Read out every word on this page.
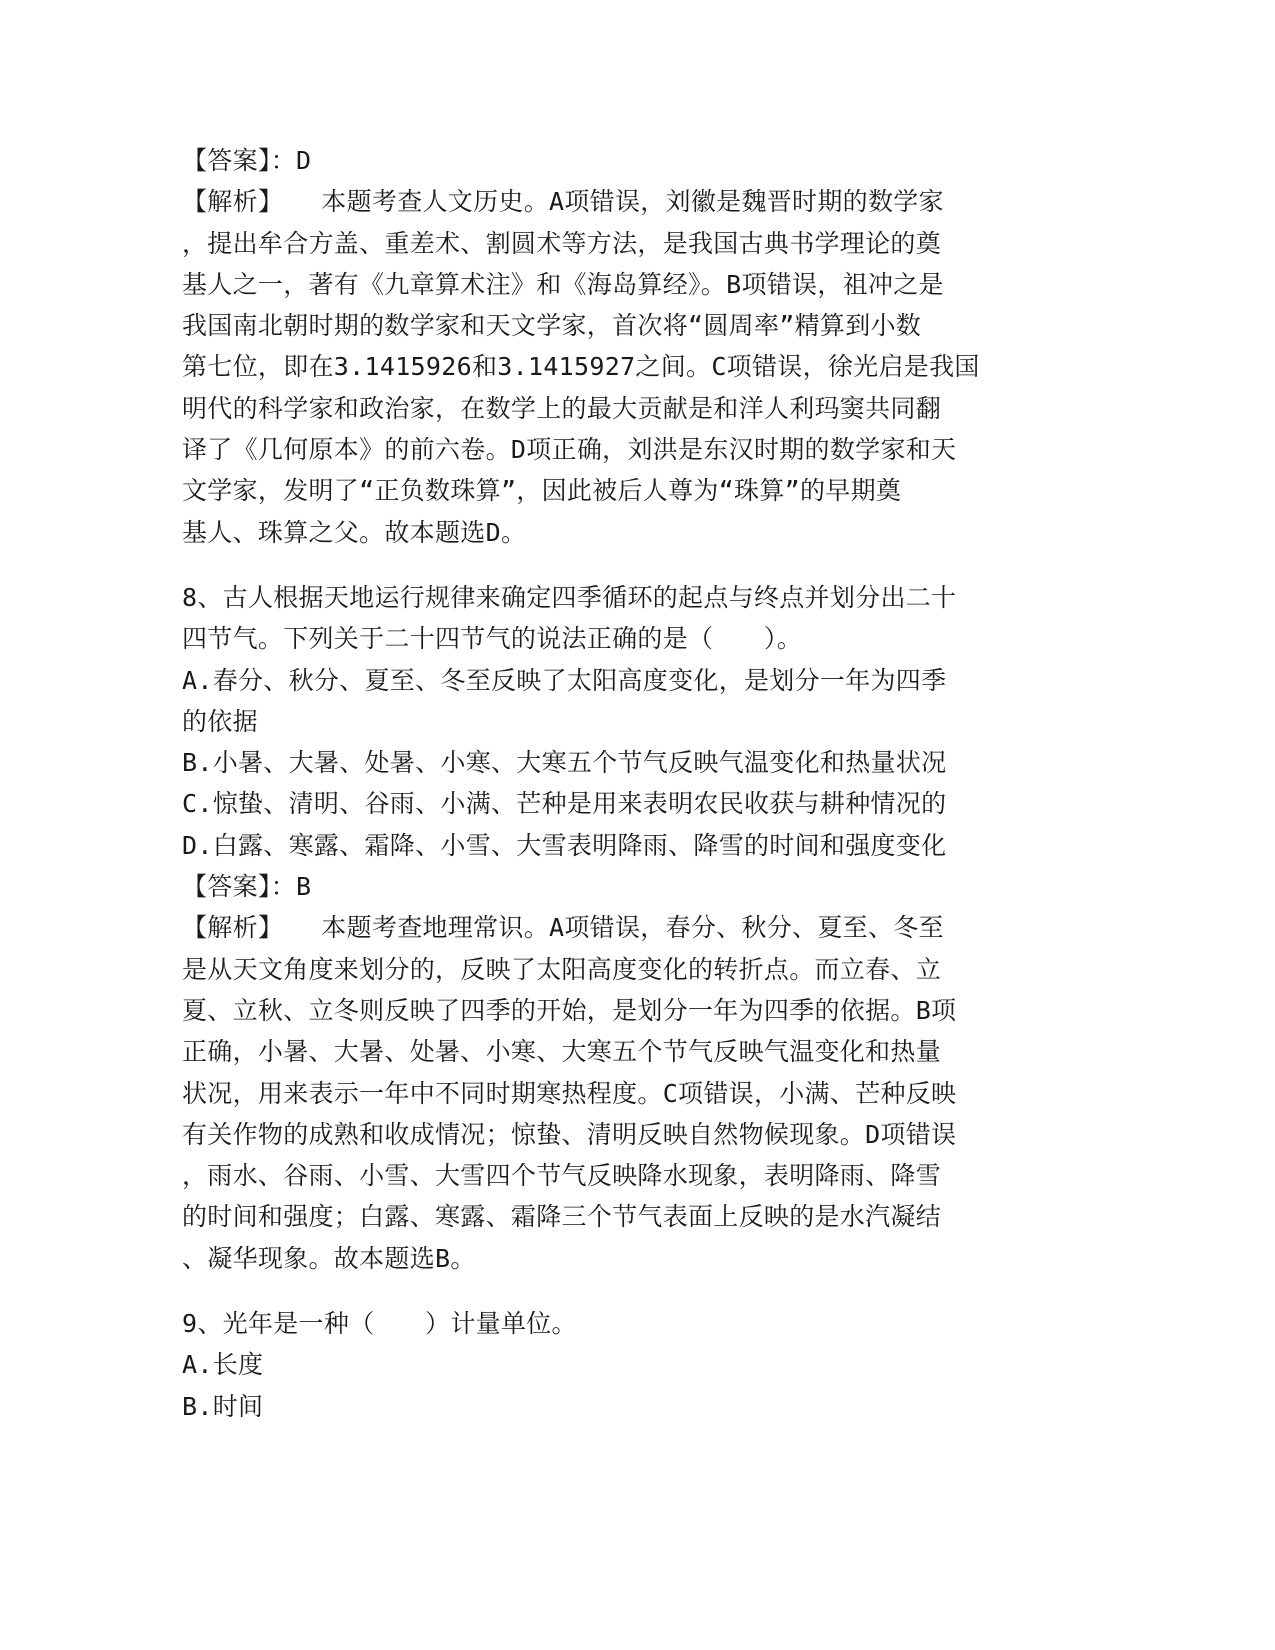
【答案】：D
【解析】　　本题考查人文历史。A项错误，刘徽是魏晋时期的数学家
，提出牟合方盖、重差术、割圆术等方法，是我国古典书学理论的奠
基人之一，著有《九章算术注》和《海岛算经》。B项错误，祖冲之是
我国南北朝时期的数学家和天文学家，首次将“圆周率”精算到小数
第七位，即在3.1415926和3.1415927之间。C项错误，徐光启是我国
明代的科学家和政治家，在数学上的最大贡献是和洋人利玛窦共同翻
译了《几何原本》的前六卷。D项正确，刘洪是东汉时期的数学家和天
文学家，发明了“正负数珠算”，因此被后人尊为“珠算”的早期奠
基人、珠算之父。故本题选D。
8、古人根据天地运行规律来确定四季循环的起点与终点并划分出二十
四节气。下列关于二十四节气的说法正确的是（　　）。
A.春分、秋分、夏至、冬至反映了太阳高度变化，是划分一年为四季
的依据
B.小暑、大暑、处暑、小寒、大寒五个节气反映气温变化和热量状况
C.惊蛰、清明、谷雨、小满、芒种是用来表明农民收获与耕种情况的
D.白露、寒露、霜降、小雪、大雪表明降雨、降雪的时间和强度变化
【答案】：B
【解析】　　本题考查地理常识。A项错误，春分、秋分、夏至、冬至
是从天文角度来划分的，反映了太阳高度变化的转折点。而立春、立
夏、立秋、立冬则反映了四季的开始，是划分一年为四季的依据。B项
正确，小暑、大暑、处暑、小寒、大寒五个节气反映气温变化和热量
状况，用来表示一年中不同时期寒热程度。C项错误，小满、芒种反映
有关作物的成熟和收成情况；惊蛰、清明反映自然物候现象。D项错误
，雨水、谷雨、小雪、大雪四个节气反映降水现象，表明降雨、降雪
的时间和强度；白露、寒露、霜降三个节气表面上反映的是水汽凝结
、凝华现象。故本题选B。
9、光年是一种（　　）计量单位。
A.长度
B.时间
